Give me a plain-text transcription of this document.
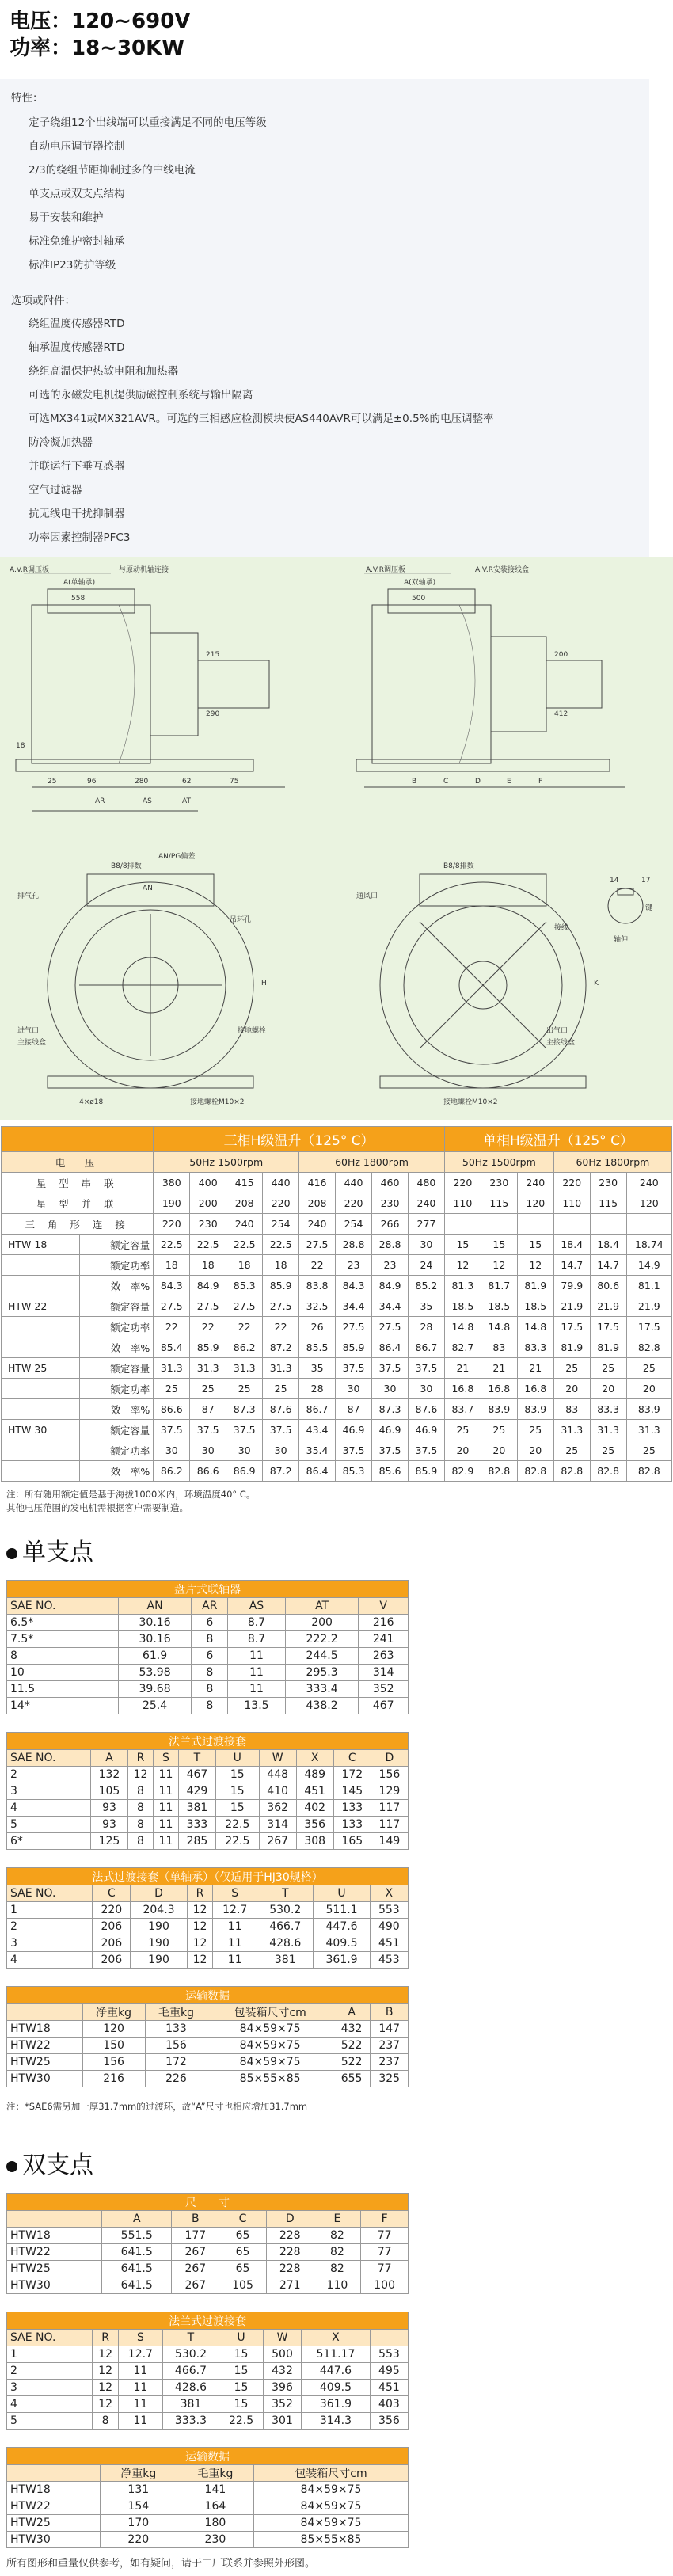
电压：120~690V
功率：18~30KW
特性：
定子绕组12个出线端可以重接满足不同的电压等级
自动电压调节器控制
2/3的绕组节距抑制过多的中线电流
单支点或双支点结构
易于安装和维护
标准免维护密封轴承
标准IP23防护等级
选项或附件：
绕组温度传感器RTD
轴承温度传感器RTD
绕组高温保护热敏电阻和加热器
可选的永磁发电机提供励磁控制系统与输出隔离
可选MX341或MX321AVR。可选的三相感应检测模块使AS440AVR可以满足±0.5%的电压调整率
防冷凝加热器
并联运行下垂互感器
空气过滤器
抗无线电干扰抑制器
功率因素控制器PFC3
A.V.R调压板	与原动机轴连接	A.V.R调压板	A.V.R安装接线盒
A(单轴承)	A(双轴承)
558	500
215
290
200
412
18
25	96	280	62	75
AR	AS	AT
B	C	D	E	F
B8/8排数
AN/PG偏差
B8/8排数
排气孔	通风口
吊环孔
接线
进气口
主接线盒
出气口
主接线盒
接地螺栓M10×2	接地螺栓M10×2
4×ø18
轴伸
键
14	17
H	K
AN
接地螺栓
		三相H级温升（125° C）								单相H级温升（125° C）					
电　压		50Hz 1500rpm				60Hz 1800rpm				50Hz 1500rpm			60Hz 1800rpm		
星 型 串 联		380	400	415	440	416	440	460	480	220	230	240	220	230	240
星 型 并 联		190	200	208	220	208	220	230	240	110	115	120	110	115	120
三 角 形 连 接		220	230	240	254	240	254	266	277						
HTW 18	额定容量	22.5	22.5	22.5	22.5	27.5	28.8	28.8	30	15	15	15	18.4	18.4	18.74
	额定功率	18	18	18	18	22	23	23	24	12	12	12	14.7	14.7	14.9
	效　率%	84.3	84.9	85.3	85.9	83.8	84.3	84.9	85.2	81.3	81.7	81.9	79.9	80.6	81.1
HTW 22	额定容量	27.5	27.5	27.5	27.5	32.5	34.4	34.4	35	18.5	18.5	18.5	21.9	21.9	21.9
	额定功率	22	22	22	22	26	27.5	27.5	28	14.8	14.8	14.8	17.5	17.5	17.5
	效　率%	85.4	85.9	86.2	87.2	85.5	85.9	86.4	86.7	82.7	83	83.3	81.9	81.9	82.8
HTW 25	额定容量	31.3	31.3	31.3	31.3	35	37.5	37.5	37.5	21	21	21	25	25	25
	额定功率	25	25	25	25	28	30	30	30	16.8	16.8	16.8	20	20	20
	效　率%	86.6	87	87.3	87.6	86.7	87	87.3	87.6	83.7	83.9	83.9	83	83.3	83.9
HTW 30	额定容量	37.5	37.5	37.5	37.5	43.4	46.9	46.9	46.9	25	25	25	31.3	31.3	31.3
	额定功率	30	30	30	30	35.4	37.5	37.5	37.5	20	20	20	25	25	25
	效　率%	86.2	86.6	86.9	87.2	86.4	85.3	85.6	85.9	82.9	82.8	82.8	82.8	82.8	82.8
注：所有随用额定值是基于海拔1000米内，环境温度40° C。
其他电压范围的发电机需根据客户需要制造。
单支点
盘片式联轴器					
SAE NO.	AN	AR	AS	AT	V
6.5*	30.16	6	8.7	200	216
7.5*	30.16	8	8.7	222.2	241
8	61.9	6	11	244.5	263
10	53.98	8	11	295.3	314
11.5	39.68	8	11	333.4	352
14*	25.4	8	13.5	438.2	467
法兰式过渡接套									
SAE NO.	A	R	S	T	U	W	X	C	D
2	132	12	11	467	15	448	489	172	156
3	105	8	11	429	15	410	451	145	129
4	93	8	11	381	15	362	402	133	117
5	93	8	11	333	22.5	314	356	133	117
6*	125	8	11	285	22.5	267	308	165	149
法式过渡接套（单轴承）（仅适用于HJ30规格）							
SAE NO.	C	D	R	S	T	U	X
1	220	204.3	12	12.7	530.2	511.1	553
2	206	190	12	11	466.7	447.6	490
3	206	190	12	11	428.6	409.5	451
4	206	190	12	11	381	361.9	453
运输数据					
	净重kg	毛重kg	包装箱尺寸cm	A	B
HTW18	120	133	84×59×75	432	147
HTW22	150	156	84×59×75	522	237
HTW25	156	172	84×59×75	522	237
HTW30	216	226	85×55×85	655	325
注：*SAE6需另加一厚31.7mm的过渡环，故“A”尺寸也相应增加31.7mm
双支点
尺　　寸						
	A	B	C	D	E	F
HTW18	551.5	177	65	228	82	77
HTW22	641.5	267	65	228	82	77
HTW25	641.5	267	65	228	82	77
HTW30	641.5	267	105	271	110	100
法兰式过渡接套							
SAE NO.	R	S	T	U	W	X	
1	12	12.7	530.2	15	500	511.17	553
2	12	11	466.7	15	432	447.6	495
3	12	11	428.6	15	396	409.5	451
4	12	11	381	15	352	361.9	403
5	8	11	333.3	22.5	301	314.3	356
运输数据			
	净重kg	毛重kg	包装箱尺寸cm
HTW18	131	141	84×59×75
HTW22	154	164	84×59×75
HTW25	170	180	84×59×75
HTW30	220	230	85×55×85
所有图形和重量仅供参考，如有疑问，请于工厂联系并参照外形图。
